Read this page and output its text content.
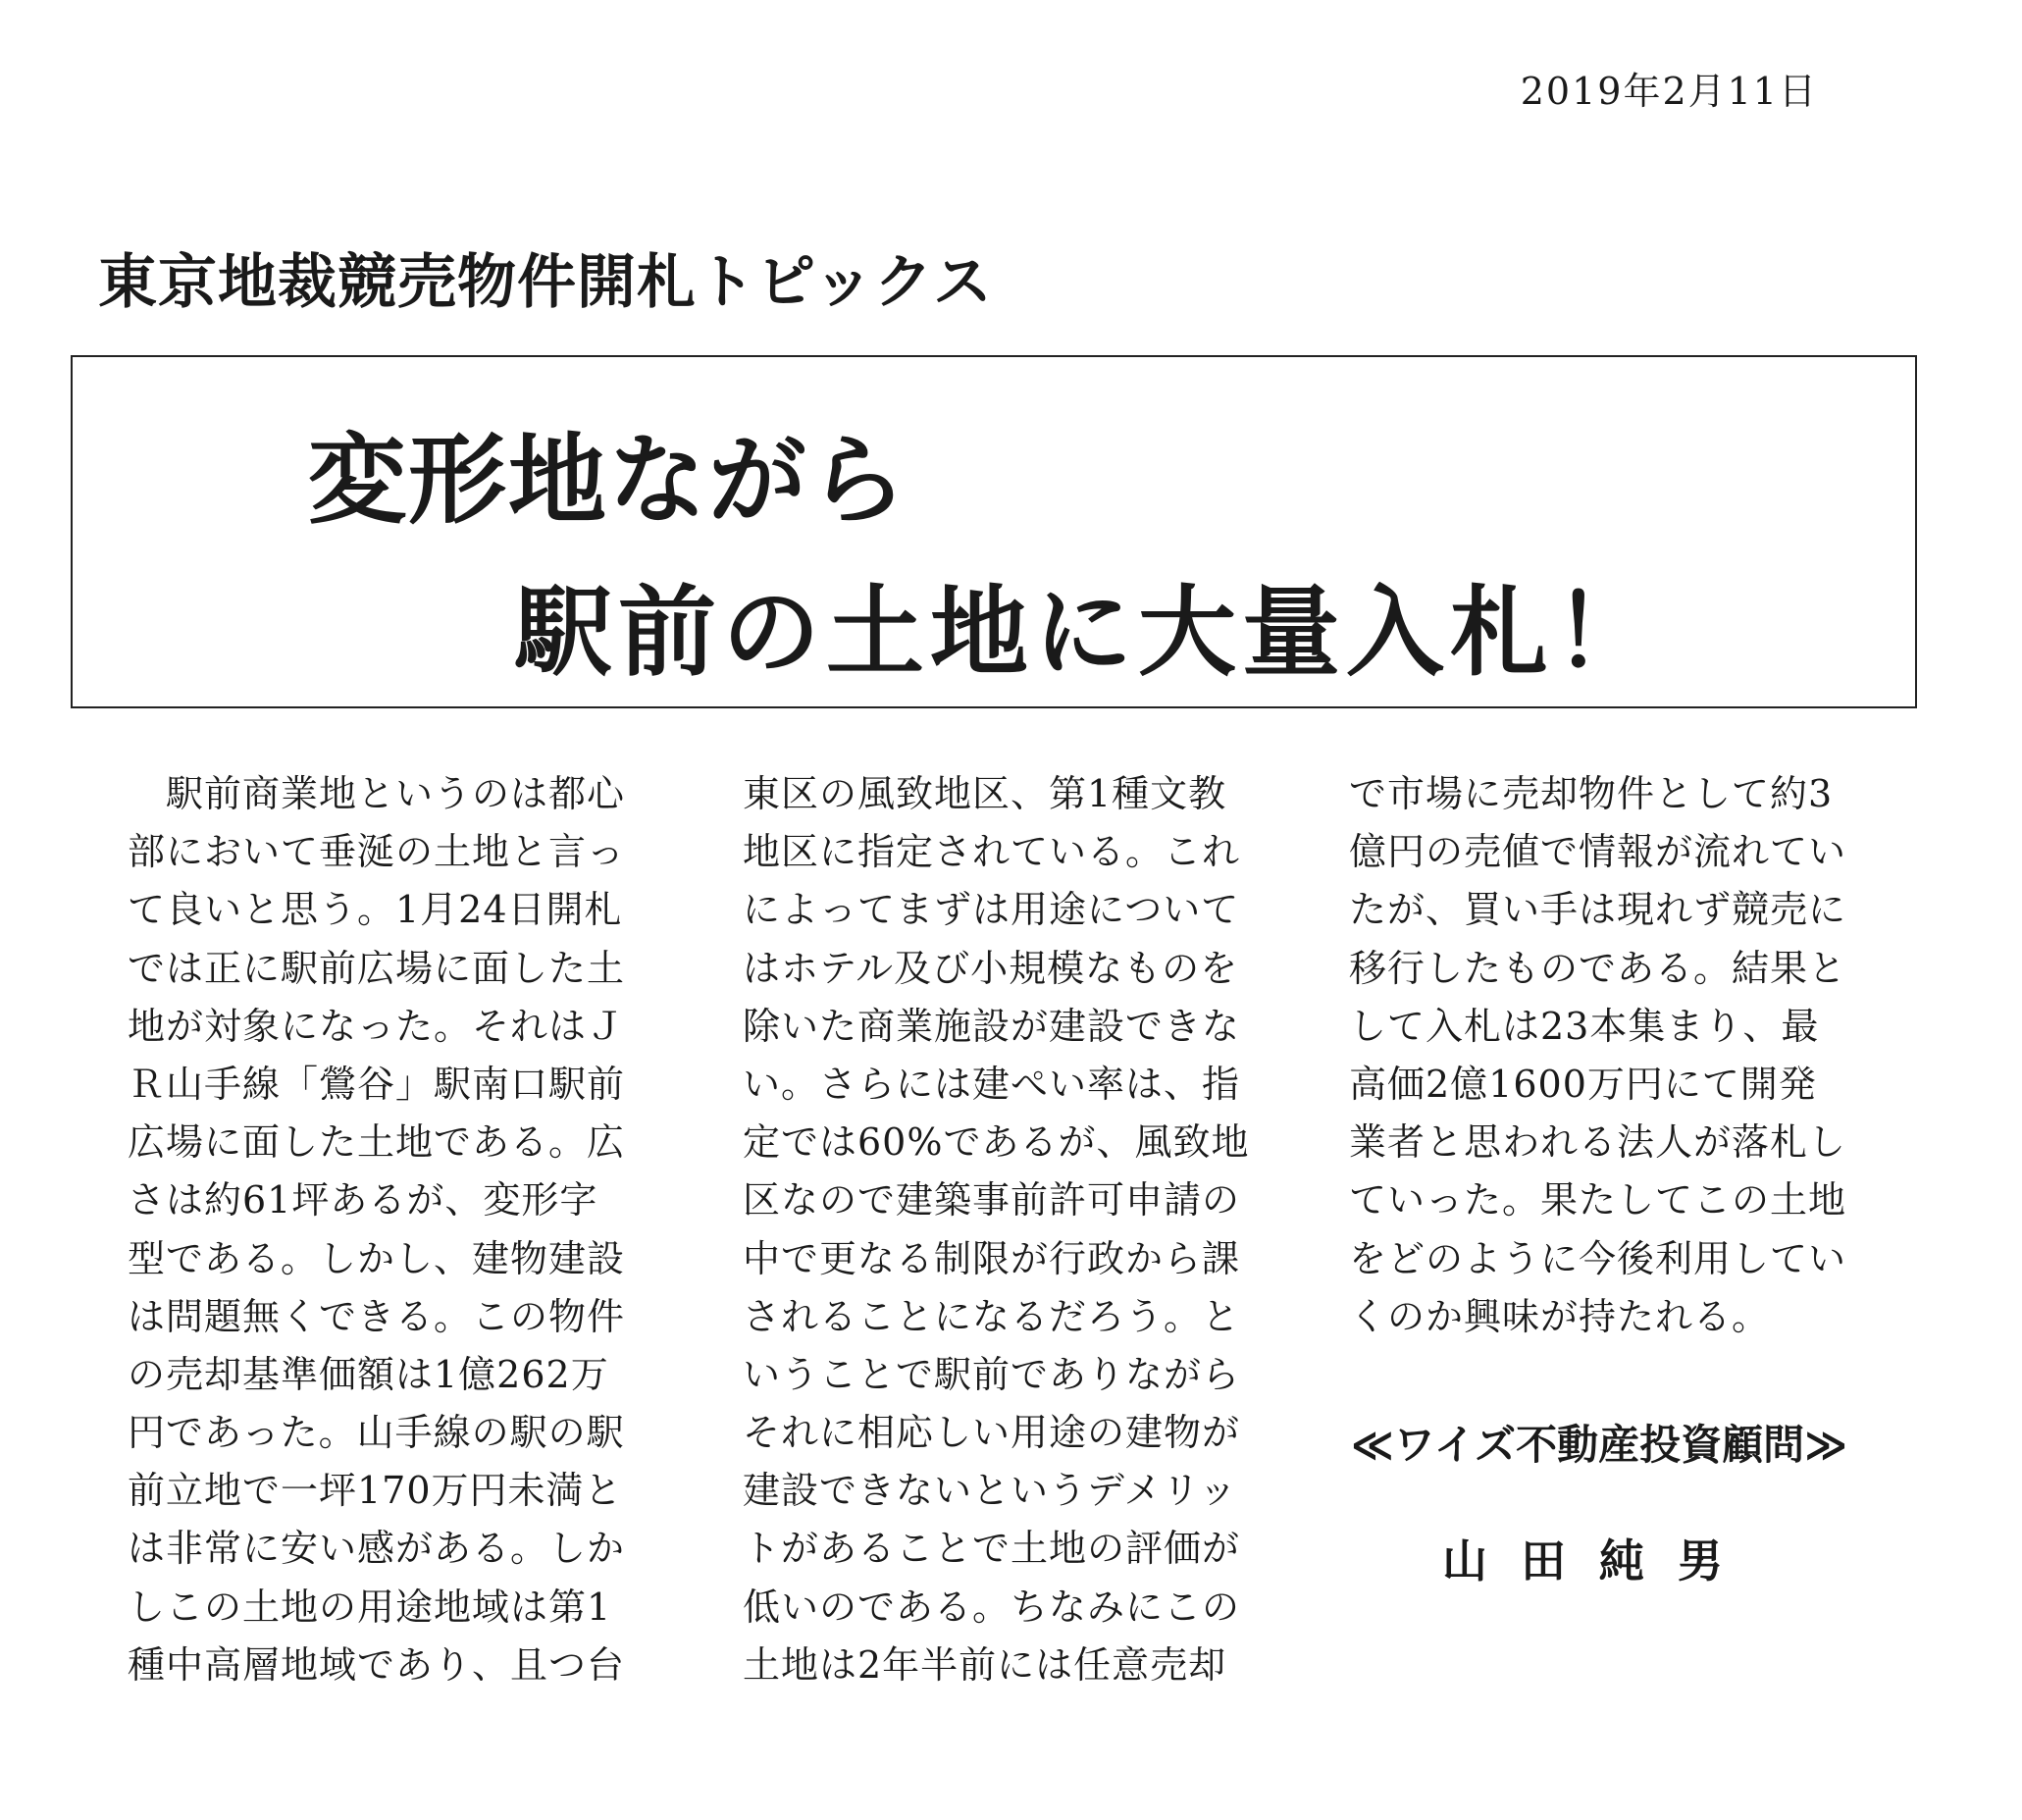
2019年2月11日
東京地裁競売物件開札トピックス
変形地ながら
駅前の土地に大量入札！
　駅前商業地というのは都心
部において垂涎の土地と言っ
て良いと思う。1月24日開札
では正に駅前広場に面した土
地が対象になった。それはＪ
Ｒ山手線「鶯谷」駅南口駅前
広場に面した土地である。広
さは約61坪あるが、変形字
型である。しかし、建物建設
は問題無くできる。この物件
の売却基準価額は1億262万
円であった。山手線の駅の駅
前立地で一坪170万円未満と
は非常に安い感がある。しか
しこの土地の用途地域は第1
種中高層地域であり、且つ台
東区の風致地区、第1種文教
地区に指定されている。これ
によってまずは用途について
はホテル及び小規模なものを
除いた商業施設が建設できな
い。さらには建ぺい率は、指
定では60%であるが、風致地
区なので建築事前許可申請の
中で更なる制限が行政から課
されることになるだろう。と
いうことで駅前でありながら
それに相応しい用途の建物が
建設できないというデメリッ
トがあることで土地の評価が
低いのである。ちなみにこの
土地は2年半前には任意売却
で市場に売却物件として約3
億円の売値で情報が流れてい
たが、買い手は現れず競売に
移行したものである。結果と
して入札は23本集まり、最
高価2億1600万円にて開発
業者と思われる法人が落札し
ていった。果たしてこの土地
をどのように今後利用してい
くのか興味が持たれる。
≪ワイズ不動産投資顧問≫
山田純男
